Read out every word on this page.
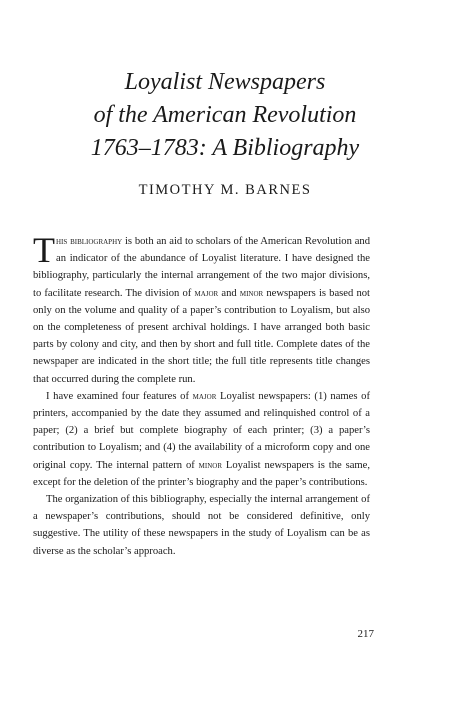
Loyalist Newspapers
of the American Revolution
1763–1783: A Bibliography

TIMOTHY M. BARNES

This bibliography is both an aid to scholars of the American Revolution and an indicator of the abundance of Loyalist literature. I have designed the bibliography, particularly the internal arrangement of the two major divisions, to facilitate research. The division of major and minor newspapers is based not only on the volume and quality of a paper’s contribution to Loyalism, but also on the completeness of present archival holdings. I have arranged both basic parts by colony and city, and then by short and full title. Complete dates of the newspaper are indicated in the short title; the full title represents title changes that occurred during the complete run.

I have examined four features of major Loyalist newspapers: (1) names of printers, accompanied by the date they assumed and relinquished control of a paper; (2) a brief but complete biography of each printer; (3) a paper’s contribution to Loyalism; and (4) the availability of a microform copy and one original copy. The internal pattern of minor Loyalist newspapers is the same, except for the deletion of the printer’s biography and the paper’s contributions.

The organization of this bibliography, especially the internal arrangement of a newspaper’s contributions, should not be considered definitive, only suggestive. The utility of these newspapers in the study of Loyalism can be as diverse as the scholar’s approach.

217
